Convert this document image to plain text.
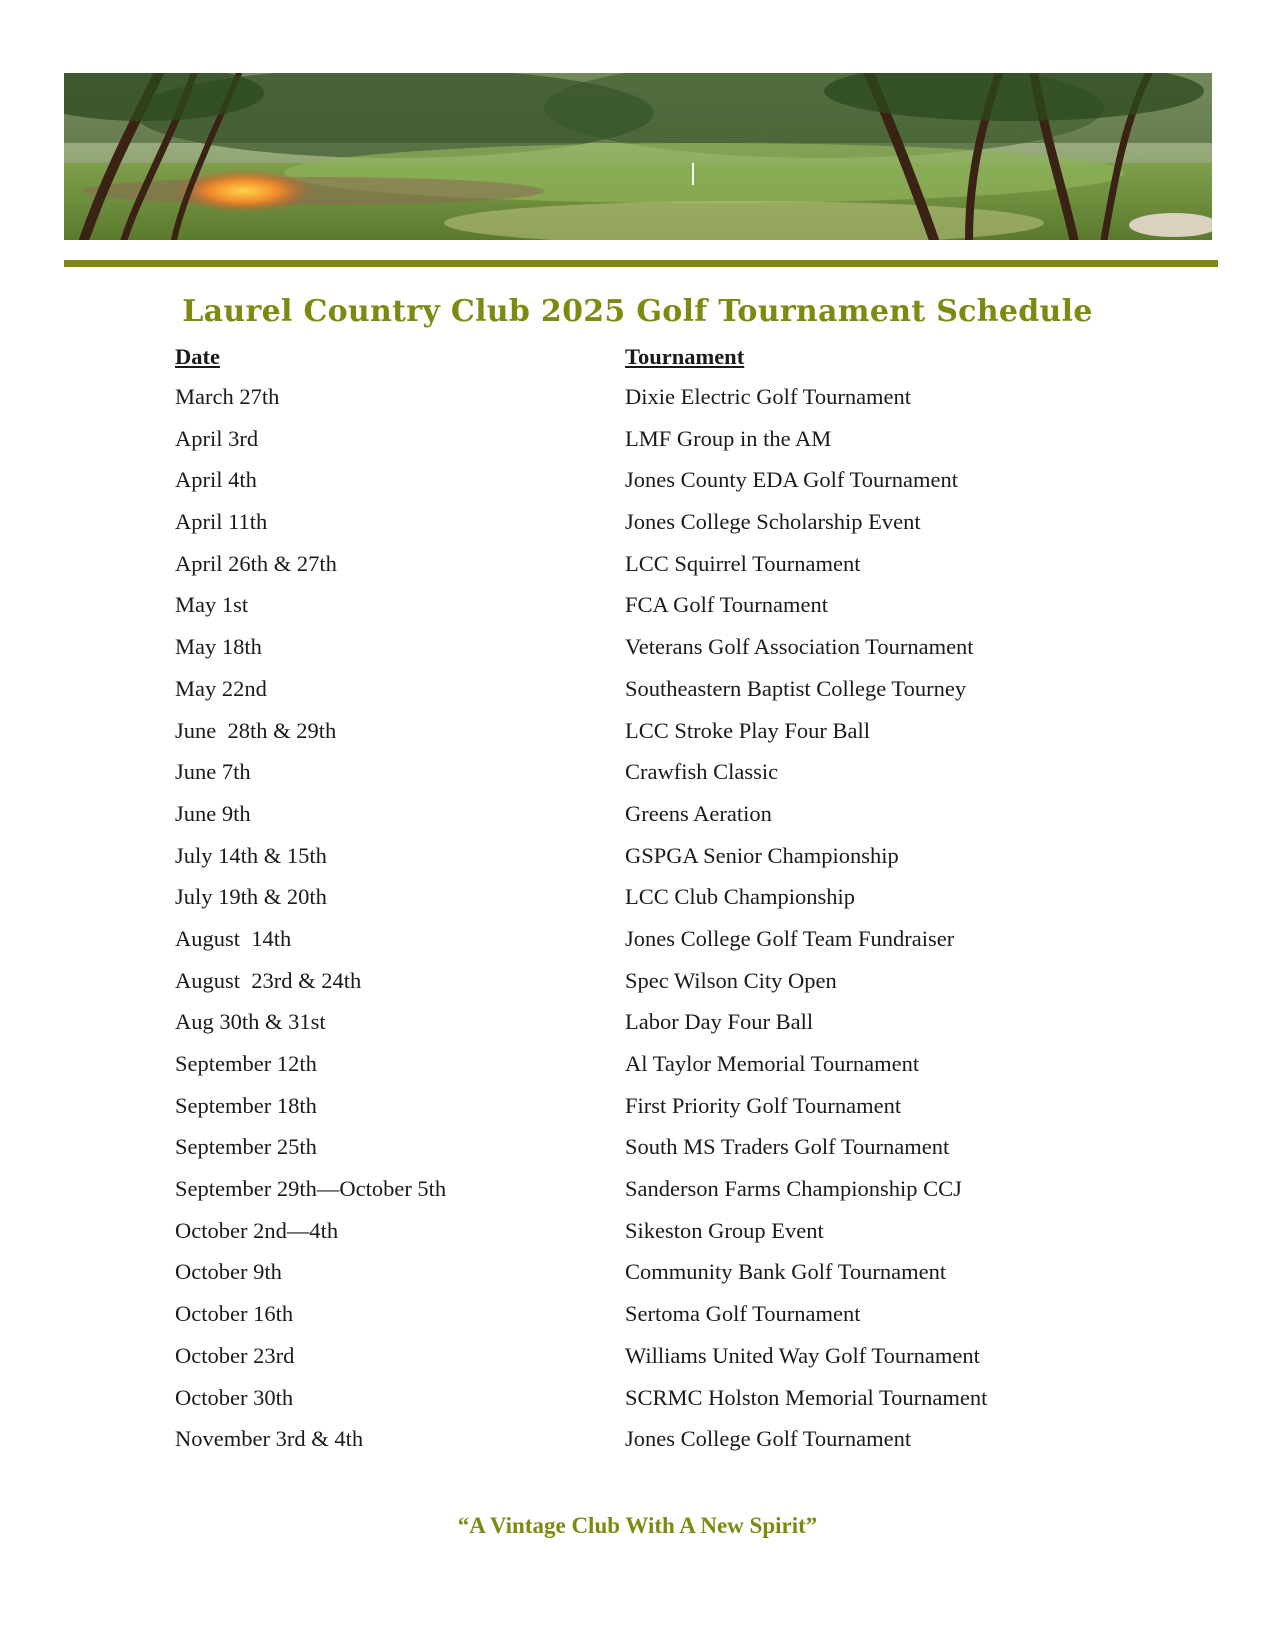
Laurel Country Club 2025 Golf Tournament Schedule
Date	Tournament
March 27th	Dixie Electric Golf Tournament
April 3rd	LMF Group in the AM
April 4th	Jones County EDA Golf Tournament
April 11th	Jones College Scholarship Event
April 26th & 27th	LCC Squirrel Tournament
May 1st	FCA Golf Tournament
May 18th	Veterans Golf Association Tournament
May 22nd	Southeastern Baptist College Tourney
June  28th & 29th	LCC Stroke Play Four Ball
June 7th	Crawfish Classic
June 9th	Greens Aeration
July 14th & 15th	GSPGA Senior Championship
July 19th & 20th	LCC Club Championship
August  14th	Jones College Golf Team Fundraiser
August  23rd & 24th	Spec Wilson City Open
Aug 30th & 31st	Labor Day Four Ball
September 12th	Al Taylor Memorial Tournament
September 18th	First Priority Golf Tournament
September 25th	South MS Traders Golf Tournament
September 29th—October 5th	Sanderson Farms Championship CCJ
October 2nd—4th	Sikeston Group Event
October 9th	Community Bank Golf Tournament
October 16th	Sertoma Golf Tournament
October 23rd	Williams United Way Golf Tournament
October 30th	SCRMC Holston Memorial Tournament
November 3rd & 4th	Jones College Golf Tournament
“A Vintage Club With A New Spirit”
